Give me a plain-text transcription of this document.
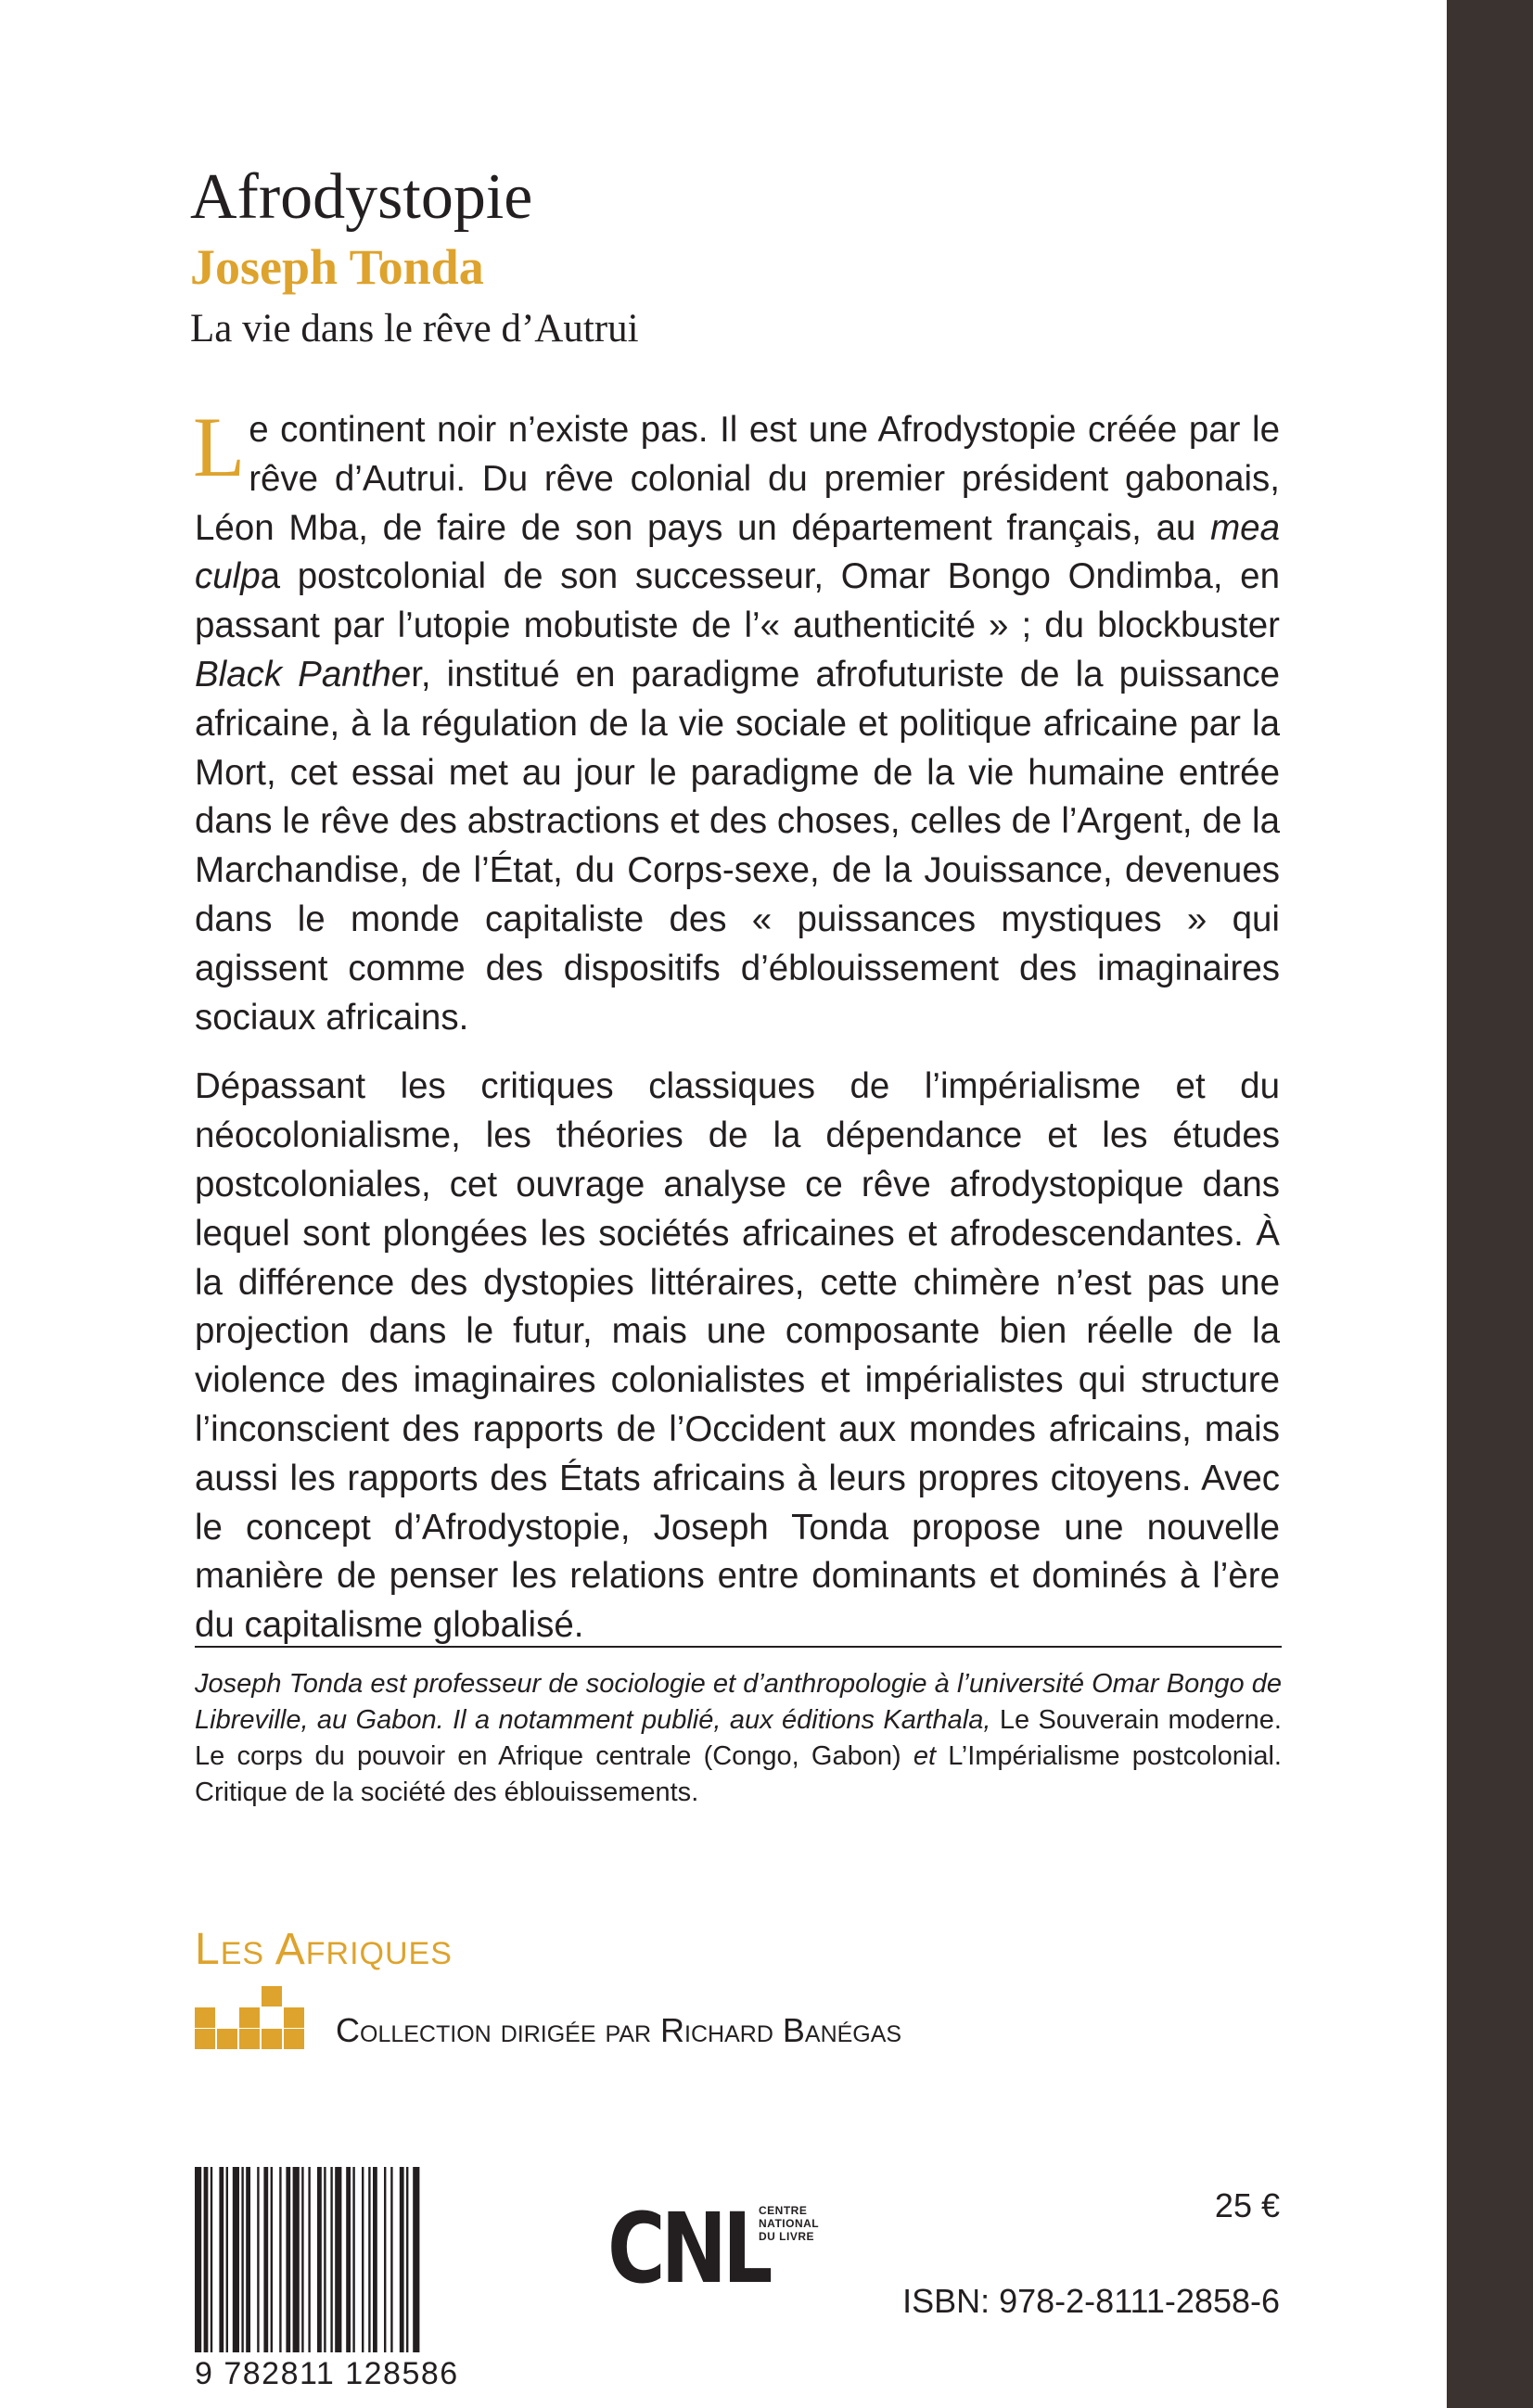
Afrodystopie
Joseph Tonda
La vie dans le rêve d’Autrui

Le continent noir n’existe pas. Il est une Afrodystopie créée par le rêve d’Autrui. Du rêve colonial du premier président gabonais, Léon Mba, de faire de son pays un département français, au mea culpa postcolonial de son successeur, Omar Bongo Ondimba, en passant par l’utopie mobutiste de l’« authenticité » ; du blockbuster Black Panther, institué en paradigme afrofuturiste de la puissance africaine, à la régulation de la vie sociale et politique africaine par la Mort, cet essai met au jour le paradigme de la vie humaine entrée dans le rêve des abstractions et des choses, celles de l’Argent, de la Marchandise, de l’État, du Corps-sexe, de la Jouissance, devenues dans le monde capitaliste des « puissances mystiques » qui agissent comme des dispositifs d’éblouissement des imaginaires sociaux africains.

Dépassant les critiques classiques de l’impérialisme et du néocolonialisme, les théories de la dépendance et les études postcoloniales, cet ouvrage analyse ce rêve afrodystopique dans lequel sont plongées les sociétés africaines et afrodescendantes. À la différence des dystopies littéraires, cette chimère n’est pas une projection dans le futur, mais une composante bien réelle de la violence des imaginaires colonialistes et impérialistes qui structure l’inconscient des rapports de l’Occident aux mondes africains, mais aussi les rapports des États africains à leurs propres citoyens. Avec le concept d’Afrodystopie, Joseph Tonda propose une nouvelle manière de penser les relations entre dominants et dominés à l’ère du capitalisme globalisé.

Joseph Tonda est professeur de sociologie et d’anthropologie à l’université Omar Bongo de Libreville, au Gabon. Il a notamment publié, aux éditions Karthala, Le Souverain moderne. Le corps du pouvoir en Afrique centrale (Congo, Gabon) et L’Impérialisme postcolonial. Critique de la société des éblouissements.

Les Afriques
Collection dirigée par Richard Banégas
9 782811 128586
CNL
CENTRE
NATIONAL
DU LIVRE
25 €
ISBN: 978-2-8111-2858-6
